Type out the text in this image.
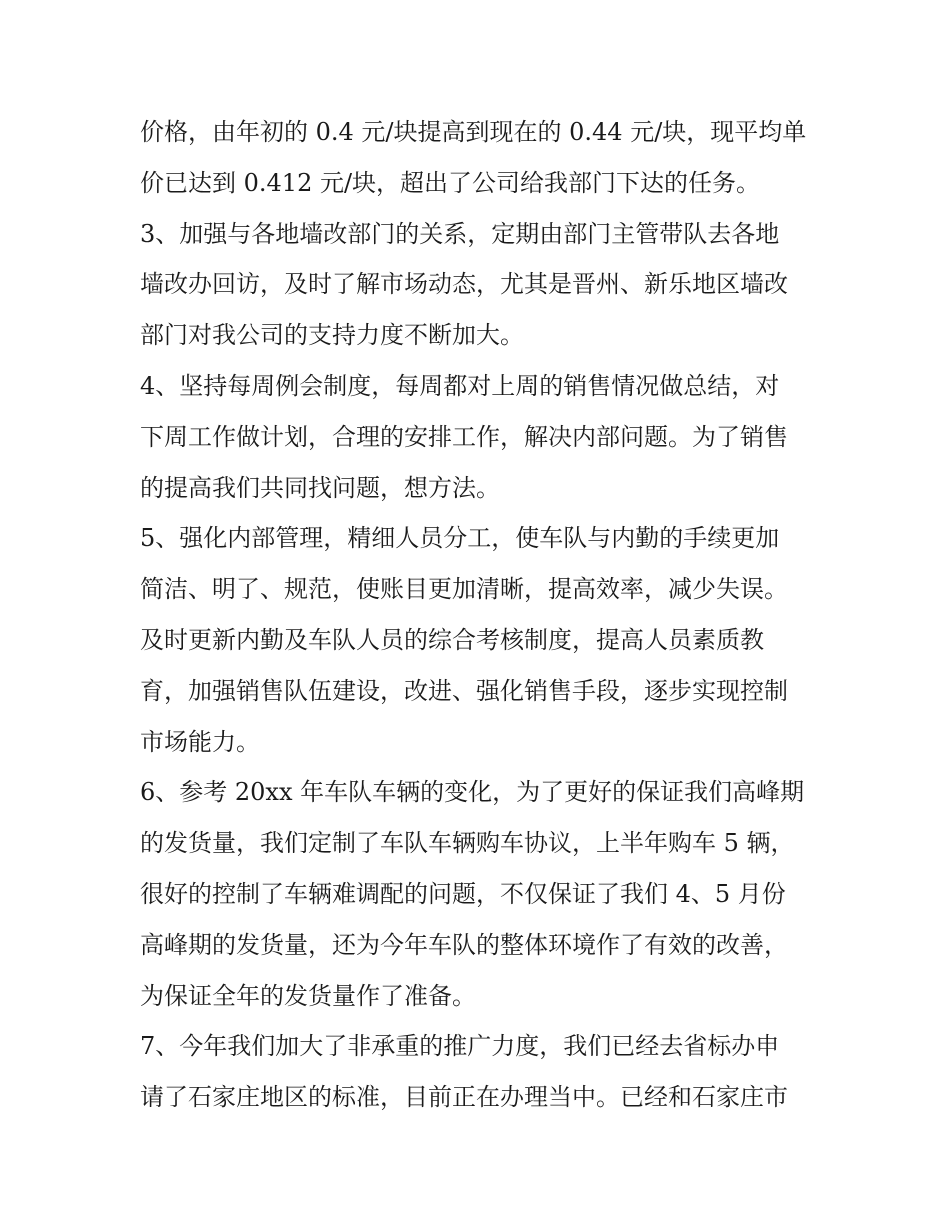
价格，由年初的 0.4 元/块提高到现在的 0.44 元/块，现平均单
价已达到 0.412 元/块，超出了公司给我部门下达的任务。
3、加强与各地墙改部门的关系，定期由部门主管带队去各地
墙改办回访，及时了解市场动态，尤其是晋州、新乐地区墙改
部门对我公司的支持力度不断加大。
4、坚持每周例会制度，每周都对上周的销售情况做总结，对
下周工作做计划，合理的安排工作，解决内部问题。为了销售
的提高我们共同找问题，想方法。
5、强化内部管理，精细人员分工，使车队与内勤的手续更加
简洁、明了、规范，使账目更加清晰，提高效率，减少失误。
及时更新内勤及车队人员的综合考核制度，提高人员素质教
育，加强销售队伍建设，改进、强化销售手段，逐步实现控制
市场能力。
6、参考 20xx 年车队车辆的变化，为了更好的保证我们高峰期
的发货量，我们定制了车队车辆购车协议，上半年购车 5 辆，
很好的控制了车辆难调配的问题，不仅保证了我们 4、5 月份
高峰期的发货量，还为今年车队的整体环境作了有效的改善，
为保证全年的发货量作了准备。
7、今年我们加大了非承重的推广力度，我们已经去省标办申
请了石家庄地区的标准，目前正在办理当中。已经和石家庄市
